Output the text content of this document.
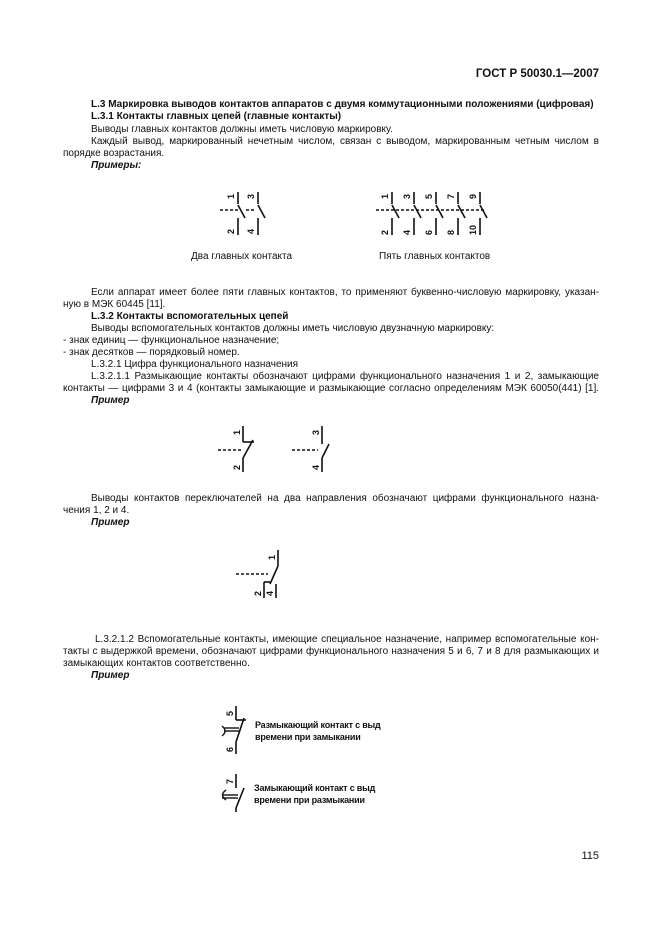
ГОСТ Р 50030.1—2007
L.3 Маркировка выводов контактов аппаратов с двумя коммутационными положениями (цифровая)
L.3.1 Контакты главных цепей (главные контакты)
Выводы главных контактов должны иметь числовую маркировку.
Каждый вывод, маркированный нечетным числом, связан с выводом, маркированным четным числом в
порядке возрастания.
Примеры:
1
2
3
4
1
2
3
4
5
6
7
8
9
10
Два главных контакта	Пять главных контактов
Если аппарат имеет более пяти главных контактов, то применяют буквенно-числовую маркировку, указан-
ную в МЭК 60445 [11].
L.3.2 Контакты вспомогательных цепей
Выводы вспомогательных контактов должны иметь числовую двузначную маркировку:
- знак единиц — функциональное назначение;
- знак десятков — порядковый номер.
L.3.2.1 Цифра функционального назначения
L.3.2.1.1 Размыкающие контакты обозначают цифрами функционального назначения 1 и 2, замыкающие
контакты — цифрами 3 и 4 (контакты замыкающие и размыкающие согласно определениям МЭК 60050(441) [1].
Пример
1
2
3
4
Выводы контактов переключателей на два направления обозначают цифрами функционального назна-
чения 1, 2 и 4.
Пример
1
2 4
L.3.2.1.2 Вспомогательные контакты, имеющие специальное назначение, например вспомогательные кон-
такты с выдержкой времени, обозначают цифрами функционального назначения 5 и 6, 7 и 8 для размыкающих и
замыкающих контактов соответственно.
Пример
5
6
Размыкающий контакт с выд
времени при замыкании
7
Замыкающий контакт с выд
времени при размыкании
115
